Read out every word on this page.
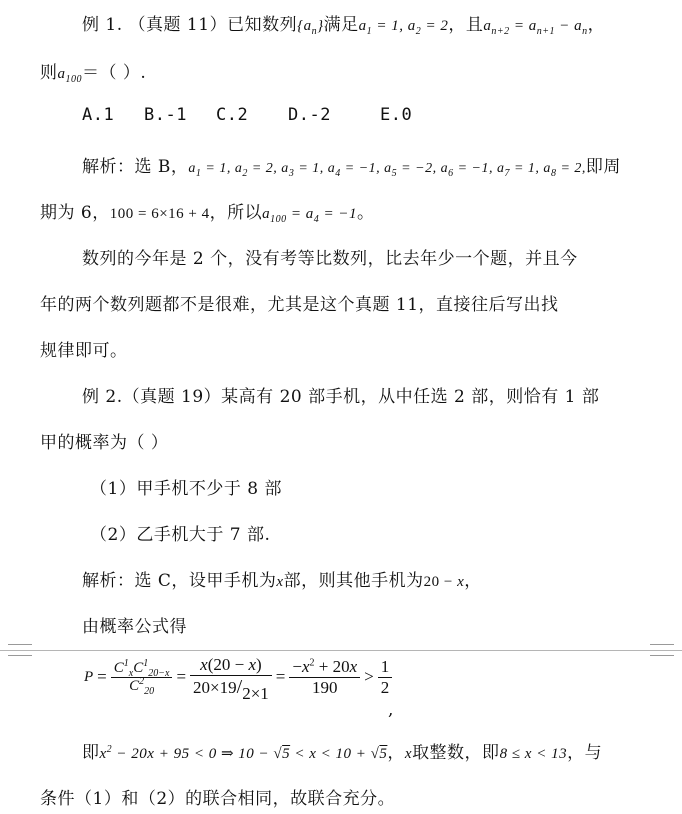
例 1. （真题 11）已知数列$\{a_n\}$满足$a_1 = 1$, $a_2 = 2$，且$a_{n+2} = a_{n+1} - a_n$，
则$a_{100}=$（ ）.
A.1 B.-1 C.2 D.-2	E.0
解析：选 B，$a_1 = 1$, $a_2 = 2$, $a_3 = 1$, $a_4 = -1$, $a_5 = -2$, $a_6 = -1$, $a_7 = 1$, $a_8 = 2$,即周
期为 6，100 = 6×16 + 4，所以$a_{100} = a_4 = -1$。
数列的今年是 2 个，没有考等比数列，比去年少一个题，并且今
年的两个数列题都不是很难，尤其是这个真题 11，直接往后写出找
规律即可。
例 2.（真题 19）某高有 20 部手机，从中任选 2 部，则恰有 1 部
甲的概率为（ ）
（1）甲手机不少于 8 部
（2）乙手机大于 7 部.
解析：选 C，设甲手机为x部，则其他手机为20 − x，
由概率公式得
$P = \frac{C^1_xC^1_{20-x}}{C^2_{20}} = \frac{x(20 - x)}{20\times 19/2\times 1} = \frac{-x^2 + 20x}{190} > \frac{1}{2}$
,
即$x^2 - 20x + 95 < 0$ ⇒ 10 − √5 < x < 10 + √5，x取整数，即8 ≤ x < 13，与
条件（1）和（2）的联合相同，故联合充分。
